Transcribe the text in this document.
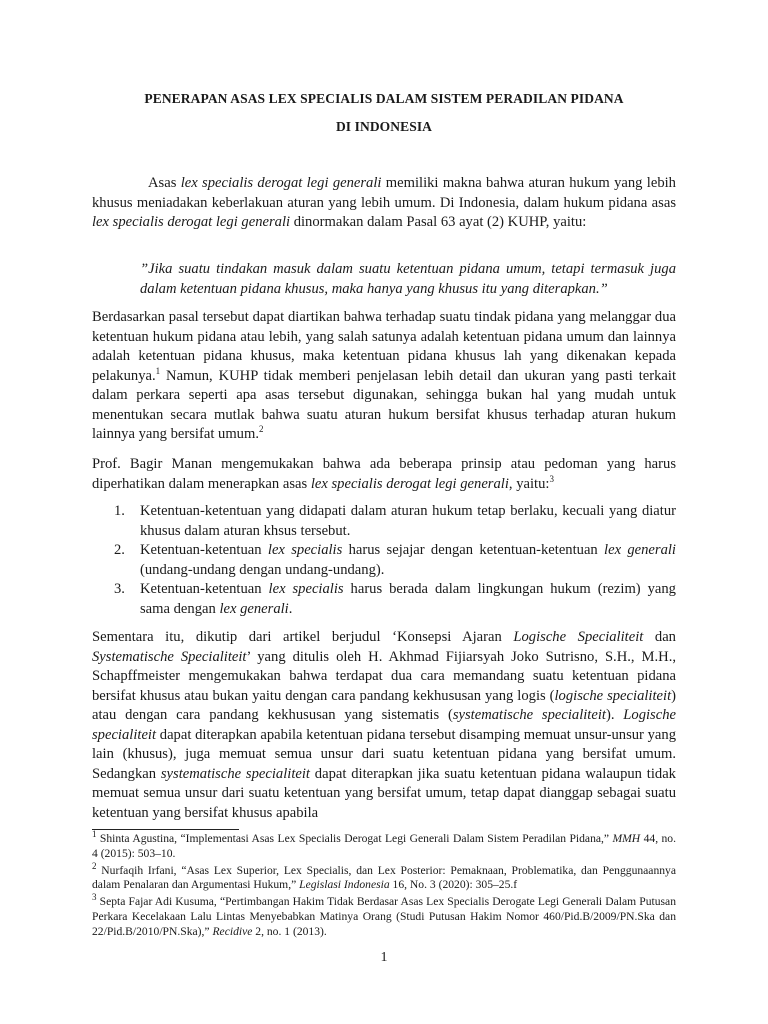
PENERAPAN ASAS LEX SPECIALIS DALAM SISTEM PERADILAN PIDANA

DI INDONESIA

Asas lex specialis derogat legi generali memiliki makna bahwa aturan hukum yang lebih khusus meniadakan keberlakuan aturan yang lebih umum. Di Indonesia, dalam hukum pidana asas lex specialis derogat legi generali dinormakan dalam Pasal 63 ayat (2) KUHP, yaitu:

”Jika suatu tindakan masuk dalam suatu ketentuan pidana umum, tetapi termasuk juga dalam ketentuan pidana khusus, maka hanya yang khusus itu yang diterapkan.”

Berdasarkan pasal tersebut dapat diartikan bahwa terhadap suatu tindak pidana yang melanggar dua ketentuan hukum pidana atau lebih, yang salah satunya adalah ketentuan pidana umum dan lainnya adalah ketentuan pidana khusus, maka ketentuan pidana khusus lah yang dikenakan kepada pelakunya.$^1$ Namun, KUHP tidak memberi penjelasan lebih detail dan ukuran yang pasti terkait dalam perkara seperti apa asas tersebut digunakan, sehingga bukan hal yang mudah untuk menentukan secara mutlak bahwa suatu aturan hukum bersifat khusus terhadap aturan hukum lainnya yang bersifat umum.$^2$

Prof. Bagir Manan mengemukakan bahwa ada beberapa prinsip atau pedoman yang harus diperhatikan dalam menerapkan asas lex specialis derogat legi generali, yaitu:$^3$

1. Ketentuan-ketentuan yang didapati dalam aturan hukum tetap berlaku, kecuali yang diatur khusus dalam aturan khsus tersebut.
2. Ketentuan-ketentuan lex specialis harus sejajar dengan ketentuan-ketentuan lex generali (undang-undang dengan undang-undang).
3. Ketentuan-ketentuan lex specialis harus berada dalam lingkungan hukum (rezim) yang sama dengan lex generali.

Sementara itu, dikutip dari artikel berjudul ‘Konsepsi Ajaran Logische Specialiteit dan Systematische Specialiteit’ yang ditulis oleh H. Akhmad Fijiarsyah Joko Sutrisno, S.H., M.H., Schapffmeister mengemukakan bahwa terdapat dua cara memandang suatu ketentuan pidana bersifat khusus atau bukan yaitu dengan cara pandang kekhususan yang logis (logische specialiteit) atau dengan cara pandang kekhususan yang sistematis (systematische specialiteit). Logische specialiteit dapat diterapkan apabila ketentuan pidana tersebut disamping memuat unsur-unsur yang lain (khusus), juga memuat semua unsur dari suatu ketentuan pidana yang bersifat umum. Sedangkan systematische specialiteit dapat diterapkan jika suatu ketentuan pidana walaupun tidak memuat semua unsur dari suatu ketentuan yang bersifat umum, tetap dapat dianggap sebagai suatu ketentuan yang bersifat khusus apabila

$^1$ Shinta Agustina, “Implementasi Asas Lex Specialis Derogat Legi Generali Dalam Sistem Peradilan Pidana,” MMH 44, no. 4 (2015): 503–10.

$^2$ Nurfaqih Irfani, “Asas Lex Superior, Lex Specialis, dan Lex Posterior: Pemaknaan, Problematika, dan Penggunaannya dalam Penalaran dan Argumentasi Hukum,” Legislasi Indonesia 16, No. 3 (2020): 305–25.f

$^3$ Septa Fajar Adi Kusuma, “Pertimbangan Hakim Tidak Berdasar Asas Lex Specialis Derogate Legi Generali Dalam Putusan Perkara Kecelakaan Lalu Lintas Menyebabkan Matinya Orang (Studi Putusan Hakim Nomor 460/Pid.B/2009/PN.Ska dan 22/Pid.B/2010/PN.Ska),” Recidive 2, no. 1 (2013).

1
